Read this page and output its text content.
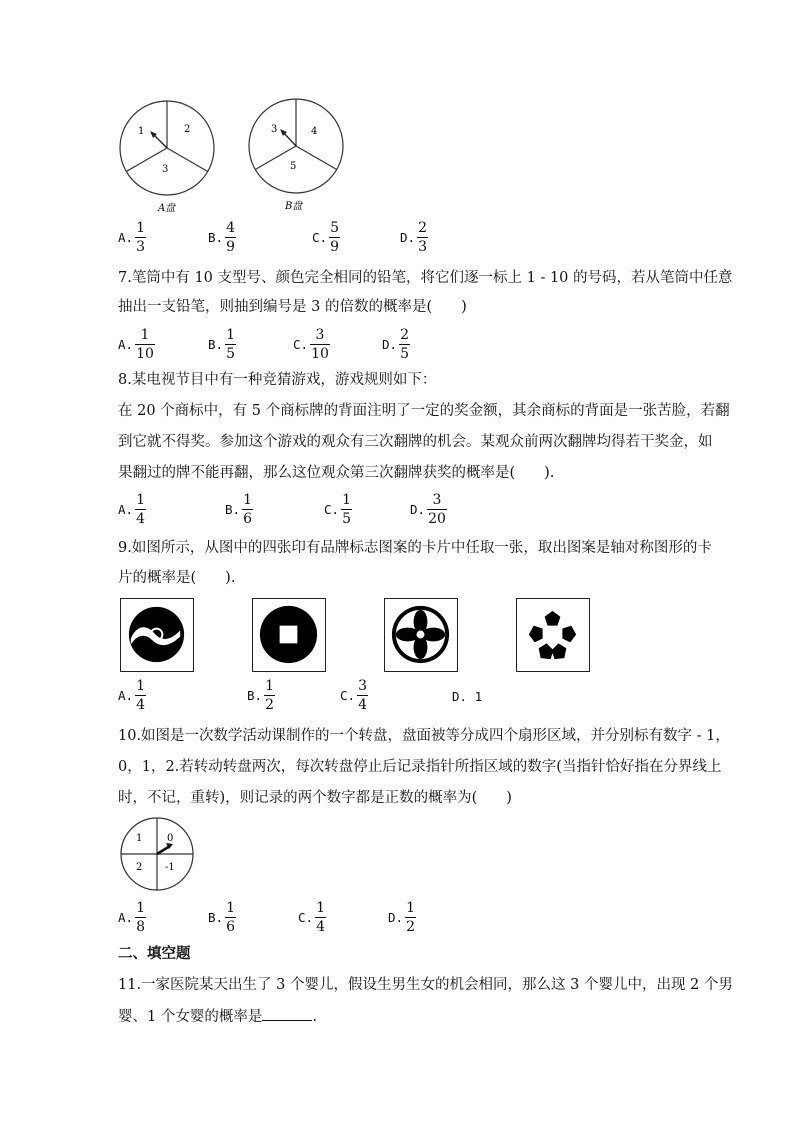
1	2
3
A盘
3	4
5
B盘
A. $\frac{1}{3}$	B. $\frac{4}{9}$	C. $\frac{5}{9}$	D. $\frac{2}{3}$
7.笔筒中有 10 支型号、颜色完全相同的铅笔，将它们逐一标上 1 - 10 的号码，若从笔筒中任意
抽出一支铅笔，则抽到编号是 3 的倍数的概率是(　　)
A. $\frac{1}{10}$	B. $\frac{1}{5}$	C. $\frac{3}{10}$	D. $\frac{2}{5}$
8.某电视节目中有一种竞猜游戏，游戏规则如下：
在 20 个商标中，有 5 个商标牌的背面注明了一定的奖金额，其余商标的背面是一张苦脸，若翻
到它就不得奖。参加这个游戏的观众有三次翻牌的机会。某观众前两次翻牌均得若干奖金，如
果翻过的牌不能再翻，那么这位观众第三次翻牌获奖的概率是(　　).
A. $\frac{1}{4}$	B. $\frac{1}{6}$	C. $\frac{1}{5}$	D. $\frac{3}{20}$
9.如图所示，从图中的四张印有品牌标志图案的卡片中任取一张，取出图案是轴对称图形的卡
片的概率是(　　).
A. $\frac{1}{4}$	B. $\frac{1}{2}$	C. $\frac{3}{4}$	D. 1
10.如图是一次数学活动课制作的一个转盘，盘面被等分成四个扇形区域，并分别标有数字 - 1，
0，1，2.若转动转盘两次，每次转盘停止后记录指针所指区域的数字(当指针恰好指在分界线上
时，不记，重转)，则记录的两个数字都是正数的概率为(　　)
1 0
2 -1
A. $\frac{1}{8}$	B. $\frac{1}{6}$	C. $\frac{1}{4}$	D. $\frac{1}{2}$
二、填空题
11.一家医院某天出生了 3 个婴儿，假设生男生女的机会相同，那么这 3 个婴儿中，出现 2 个男
婴、1 个女婴的概率是	.
